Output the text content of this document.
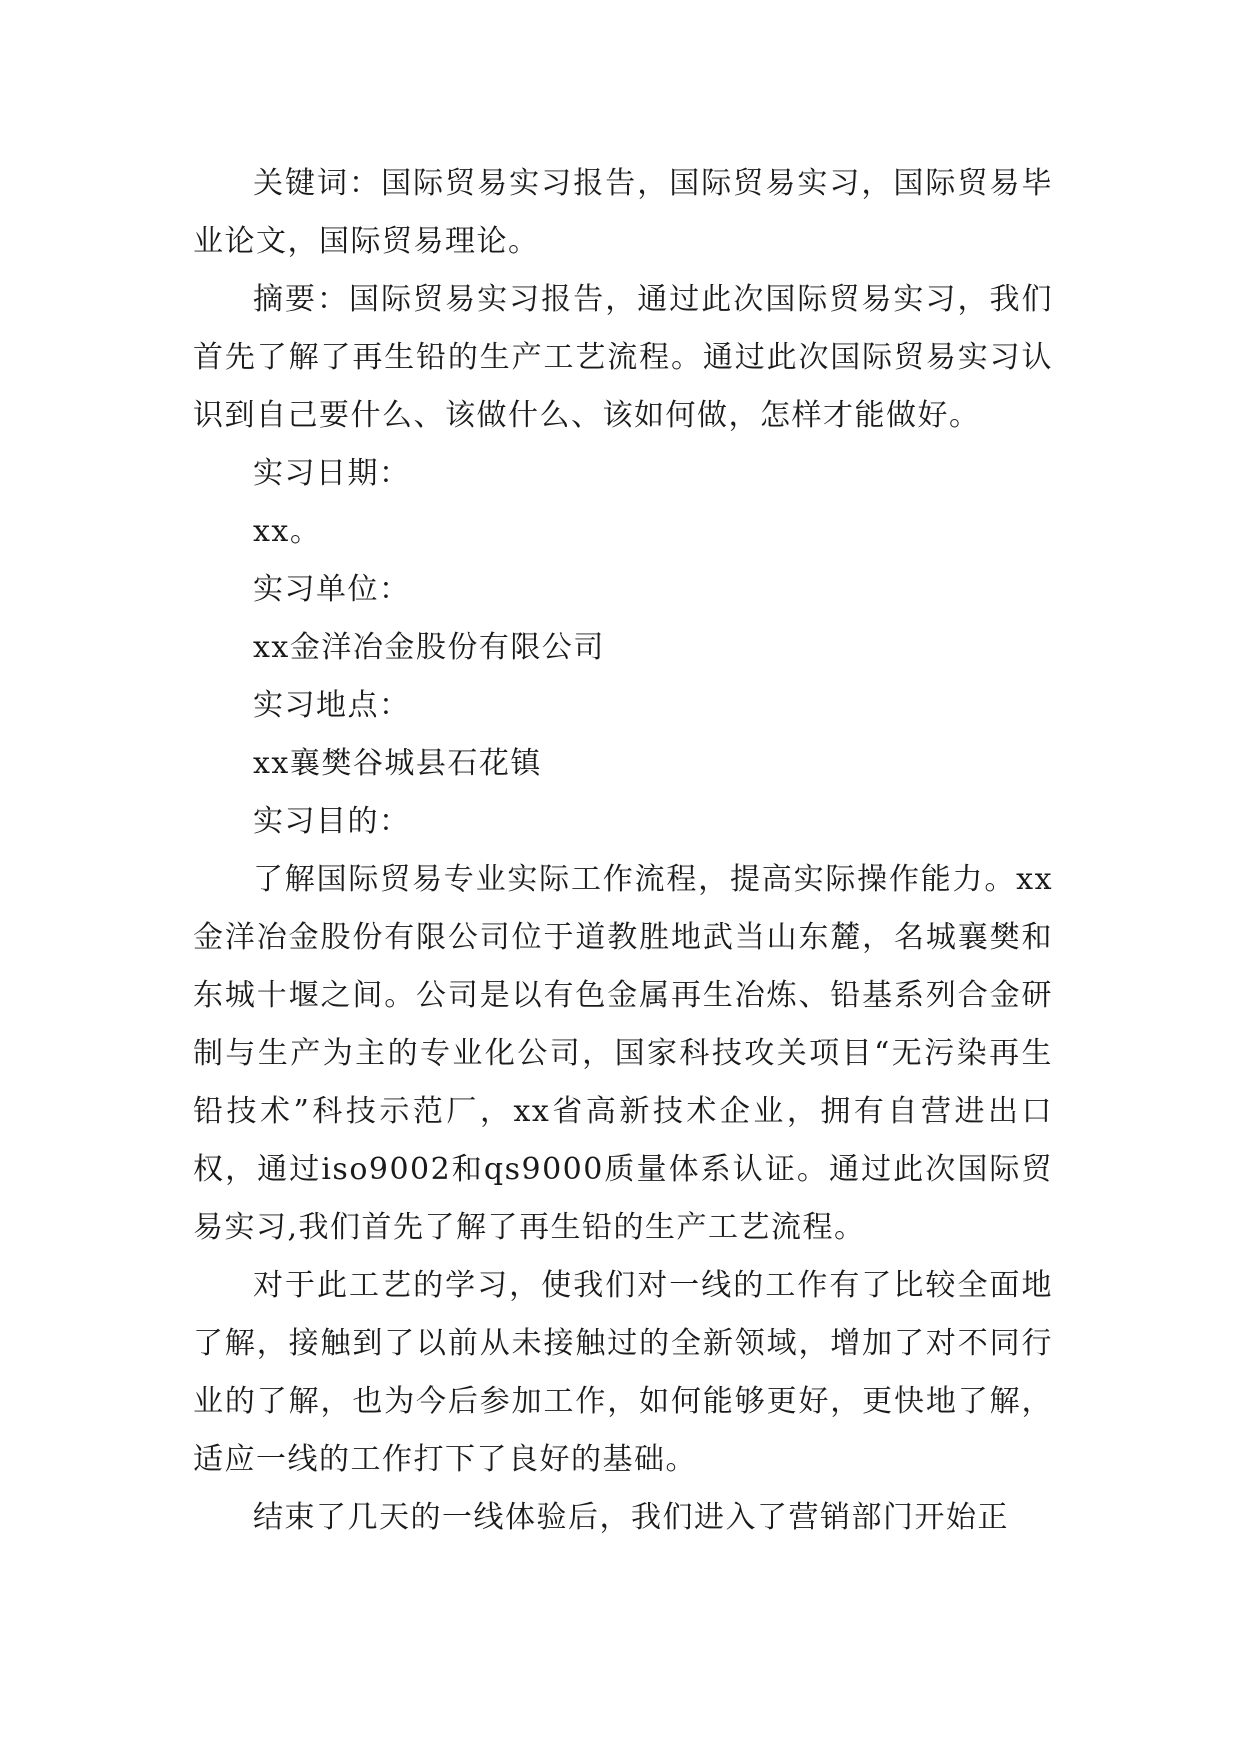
关键词：国际贸易实习报告，国际贸易实习，国际贸易毕业论文，国际贸易理论。

摘要：国际贸易实习报告，通过此次国际贸易实习，我们首先了解了再生铅的生产工艺流程。通过此次国际贸易实习认识到自己要什么、该做什么、该如何做，怎样才能做好。

实习日期：

xx。

实习单位：

xx金洋冶金股份有限公司

实习地点：

xx襄樊谷城县石花镇

实习目的：

了解国际贸易专业实际工作流程，提高实际操作能力。xx金洋冶金股份有限公司位于道教胜地武当山东麓，名城襄樊和东城十堰之间。公司是以有色金属再生冶炼、铅基系列合金研制与生产为主的专业化公司，国家科技攻关项目“无污染再生铅技术”科技示范厂，xx省高新技术企业，拥有自营进出口权，通过iso9002和qs9000质量体系认证。通过此次国际贸易实习,我们首先了解了再生铅的生产工艺流程。

对于此工艺的学习，使我们对一线的工作有了比较全面地了解，接触到了以前从未接触过的全新领域，增加了对不同行业的了解，也为今后参加工作，如何能够更好，更快地了解，适应一线的工作打下了良好的基础。

结束了几天的一线体验后，我们进入了营销部门开始正
